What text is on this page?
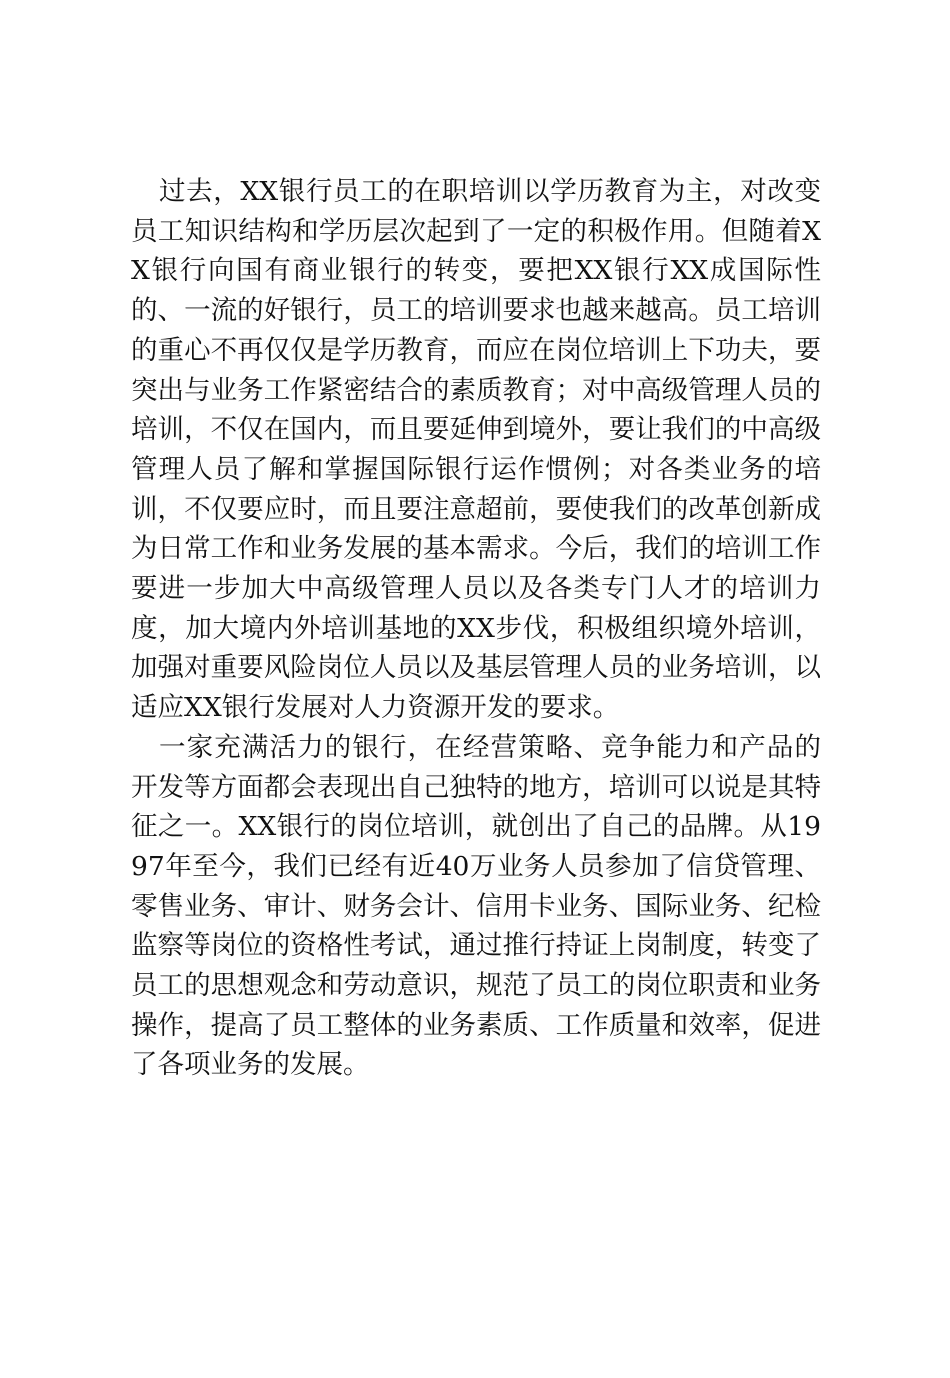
过去，XX银行员工的在职培训以学历教育为主，对改变员工知识结构和学历层次起到了一定的积极作用。但随着XX银行向国有商业银行的转变，要把XX银行XX成国际性的、一流的好银行，员工的培训要求也越来越高。员工培训的重心不再仅仅是学历教育，而应在岗位培训上下功夫，要突出与业务工作紧密结合的素质教育；对中高级管理人员的培训，不仅在国内，而且要延伸到境外，要让我们的中高级管理人员了解和掌握国际银行运作惯例；对各类业务的培训，不仅要应时，而且要注意超前，要使我们的改革创新成为日常工作和业务发展的基本需求。今后，我们的培训工作要进一步加大中高级管理人员以及各类专门人才的培训力度，加大境内外培训基地的XX步伐，积极组织境外培训，加强对重要风险岗位人员以及基层管理人员的业务培训，以适应XX银行发展对人力资源开发的要求。

一家充满活力的银行，在经营策略、竞争能力和产品的开发等方面都会表现出自己独特的地方，培训可以说是其特征之一。XX银行的岗位培训，就创出了自己的品牌。从1997年至今，我们已经有近40万业务人员参加了信贷管理、零售业务、审计、财务会计、信用卡业务、国际业务、纪检监察等岗位的资格性考试，通过推行持证上岗制度，转变了员工的思想观念和劳动意识，规范了员工的岗位职责和业务操作，提高了员工整体的业务素质、工作质量和效率，促进了各项业务的发展。
